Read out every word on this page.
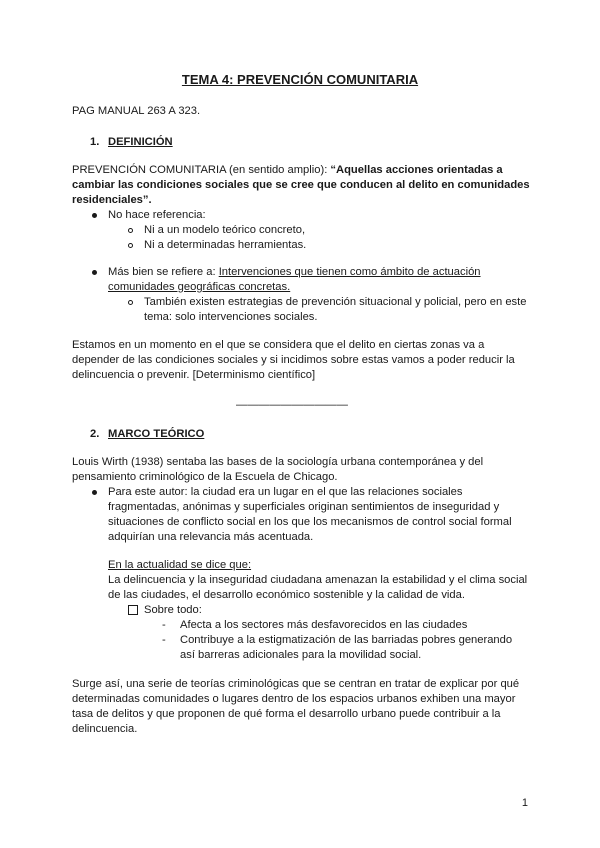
TEMA 4: PREVENCIÓN COMUNITARIA
PAG MANUAL 263 A 323.
1. DEFINICIÓN
PREVENCIÓN COMUNITARIA (en sentido amplio): “Aquellas acciones orientadas a
cambiar las condiciones sociales que se cree que conducen al delito en comunidades
residenciales”.
No hace referencia:
Ni a un modelo teórico concreto,
Ni a determinadas herramientas.
Más bien se refiere a: Intervenciones que tienen como ámbito de actuación
comunidades geográficas concretas.
También existen estrategias de prevención situacional y policial, pero en este
tema: solo intervenciones sociales.
Estamos en un momento en el que se considera que el delito en ciertas zonas va a
depender de las condiciones sociales y si incidimos sobre estas vamos a poder reducir la
delincuencia o prevenir. [Determinismo científico]
——————————
2. MARCO TEÓRICO
Louis Wirth (1938) sentaba las bases de la sociología urbana contemporánea y del
pensamiento criminológico de la Escuela de Chicago.
Para este autor: la ciudad era un lugar en el que las relaciones sociales
fragmentadas, anónimas y superficiales originan sentimientos de inseguridad y
situaciones de conflicto social en los que los mecanismos de control social formal
adquirían una relevancia más acentuada.
En la actualidad se dice que:
La delincuencia y la inseguridad ciudadana amenazan la estabilidad y el clima social
de las ciudades, el desarrollo económico sostenible y la calidad de vida.
Sobre todo:
- Afecta a los sectores más desfavorecidos en las ciudades
- Contribuye a la estigmatización de las barriadas pobres generando
así barreras adicionales para la movilidad social.
Surge así, una serie de teorías criminológicas que se centran en tratar de explicar por qué
determinadas comunidades o lugares dentro de los espacios urbanos exhiben una mayor
tasa de delitos y que proponen de qué forma el desarrollo urbano puede contribuir a la
delincuencia.
1
